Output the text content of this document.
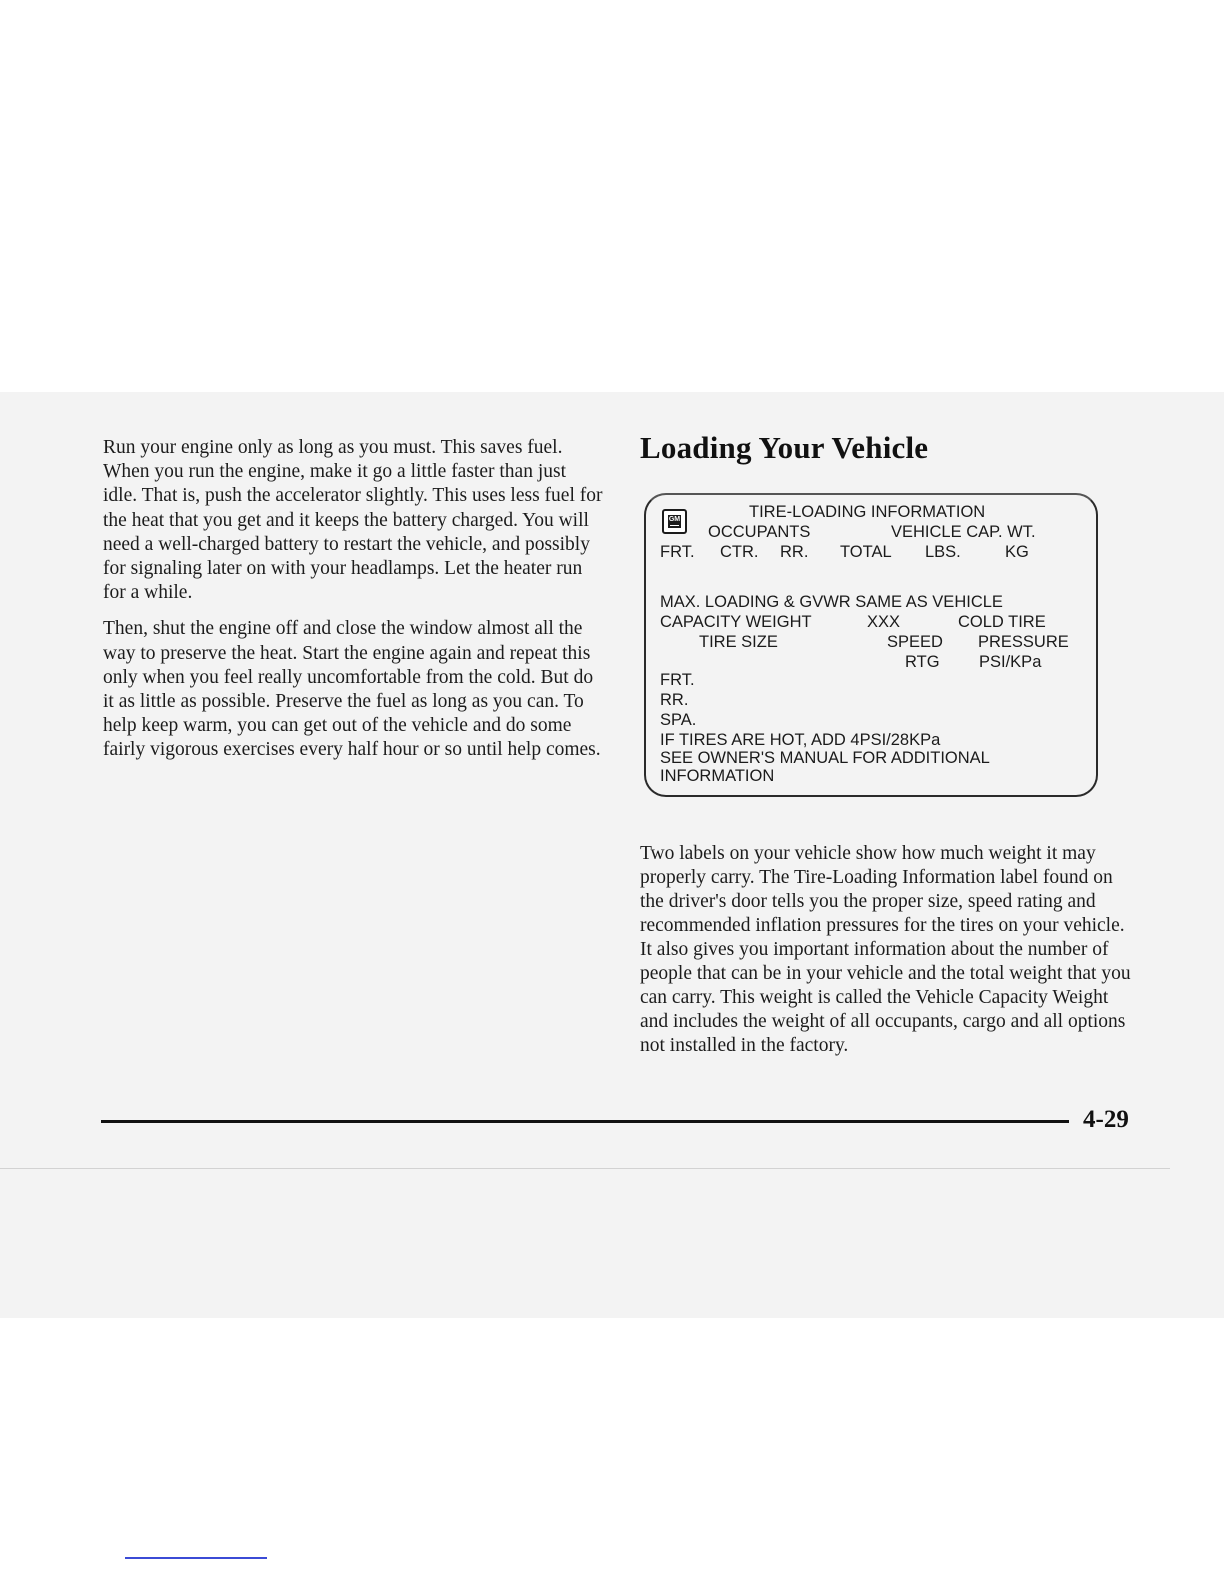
Run your engine only as long as you must. This saves fuel. When you run the engine, make it go a little faster than just idle. That is, push the accelerator slightly. This uses less fuel for the heat that you get and it keeps the battery charged. You will need a well-charged battery to restart the vehicle, and possibly for signaling later on with your headlamps. Let the heater run for a while.

Then, shut the engine off and close the window almost all the way to preserve the heat. Start the engine again and repeat this only when you feel really uncomfortable from the cold. But do it as little as possible. Preserve the fuel as long as you can. To help keep warm, you can get out of the vehicle and do some fairly vigorous exercises every half hour or so until help comes.

Loading Your Vehicle
GM	TIRE-LOADING INFORMATION
OCCUPANTS	VEHICLE CAP. WT.
FRT. CTR. RR. TOTAL LBS.	KG
MAX. LOADING & GVWR SAME AS VEHICLE
CAPACITY WEIGHT	XXX	COLD TIRE
TIRE SIZE	SPEED PRESSURE
RTG PSI/KPa
FRT.
RR.
SPA.
IF TIRES ARE HOT, ADD 4PSI/28KPa
SEE OWNER'S MANUAL FOR ADDITIONAL
INFORMATION

Two labels on your vehicle show how much weight it may properly carry. The Tire-Loading Information label found on the driver's door tells you the proper size, speed rating and recommended inflation pressures for the tires on your vehicle. It also gives you important information about the number of people that can be in your vehicle and the total weight that you can carry. This weight is called the Vehicle Capacity Weight and includes the weight of all occupants, cargo and all options not installed in the factory.

4-29
